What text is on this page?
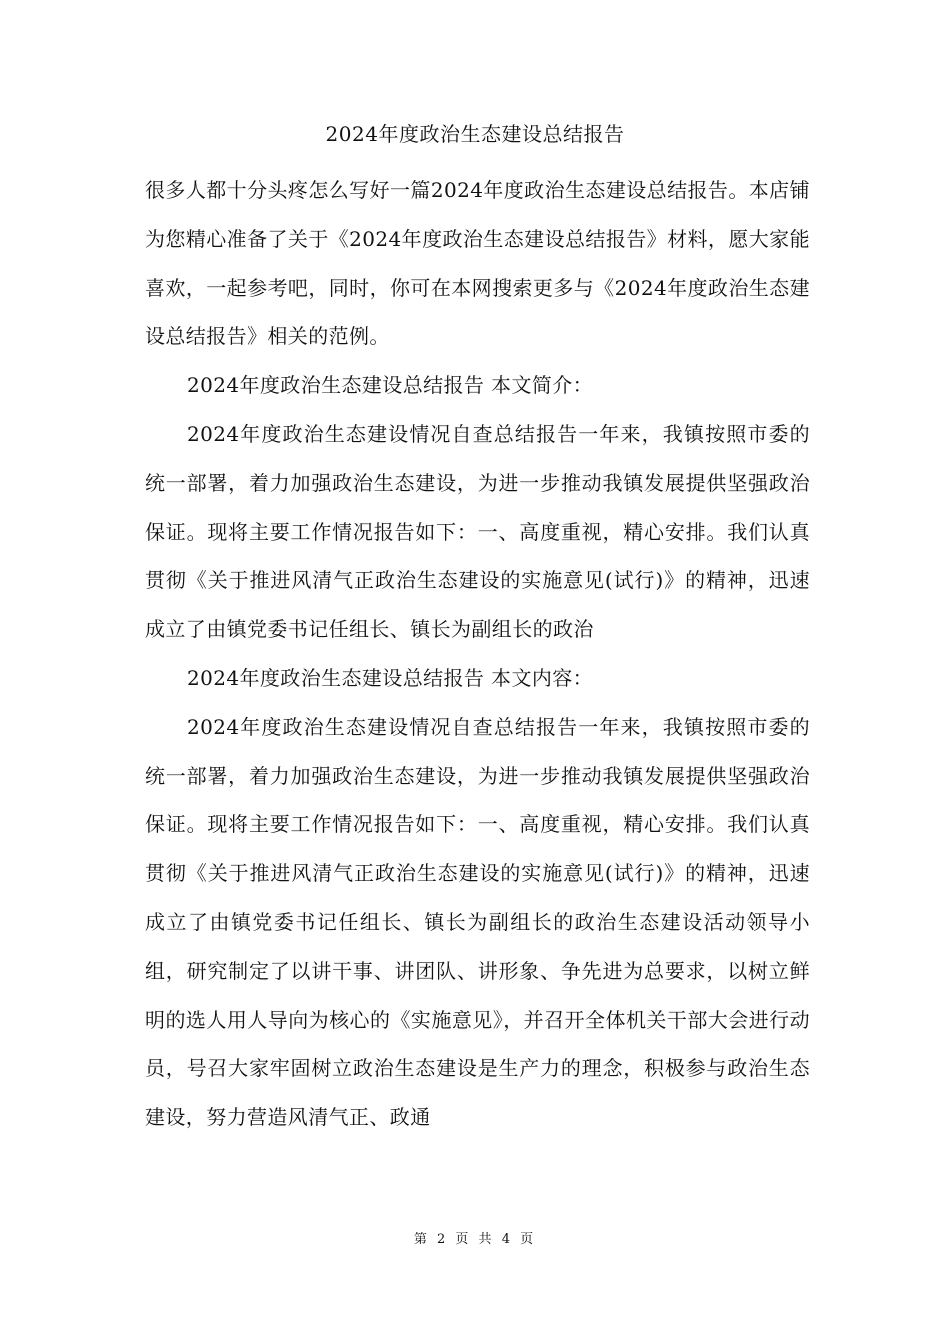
2024年度政治生态建设总结报告

很多人都十分头疼怎么写好一篇2024年度政治生态建设总结报告。本店铺为您精心准备了关于《2024年度政治生态建设总结报告》材料，愿大家能喜欢，一起参考吧，同时，你可在本网搜索更多与《2024年度政治生态建设总结报告》相关的范例。

2024年度政治生态建设总结报告 本文简介：

2024年度政治生态建设情况自查总结报告一年来，我镇按照市委的统一部署，着力加强政治生态建设，为进一步推动我镇发展提供坚强政治保证。现将主要工作情况报告如下：一、高度重视，精心安排。我们认真贯彻《关于推进风清气正政治生态建设的实施意见(试行)》的精神，迅速成立了由镇党委书记任组长、镇长为副组长的政治

2024年度政治生态建设总结报告 本文内容：

2024年度政治生态建设情况自查总结报告一年来，我镇按照市委的统一部署，着力加强政治生态建设，为进一步推动我镇发展提供坚强政治保证。现将主要工作情况报告如下：一、高度重视，精心安排。我们认真贯彻《关于推进风清气正政治生态建设的实施意见(试行)》的精神，迅速成立了由镇党委书记任组长、镇长为副组长的政治生态建设活动领导小组，研究制定了以讲干事、讲团队、讲形象、争先进为总要求，以树立鲜明的选人用人导向为核心的《实施意见》，并召开全体机关干部大会进行动员，号召大家牢固树立政治生态建设是生产力的理念，积极参与政治生态建设，努力营造风清气正、政通

第 2 页 共 4 页
